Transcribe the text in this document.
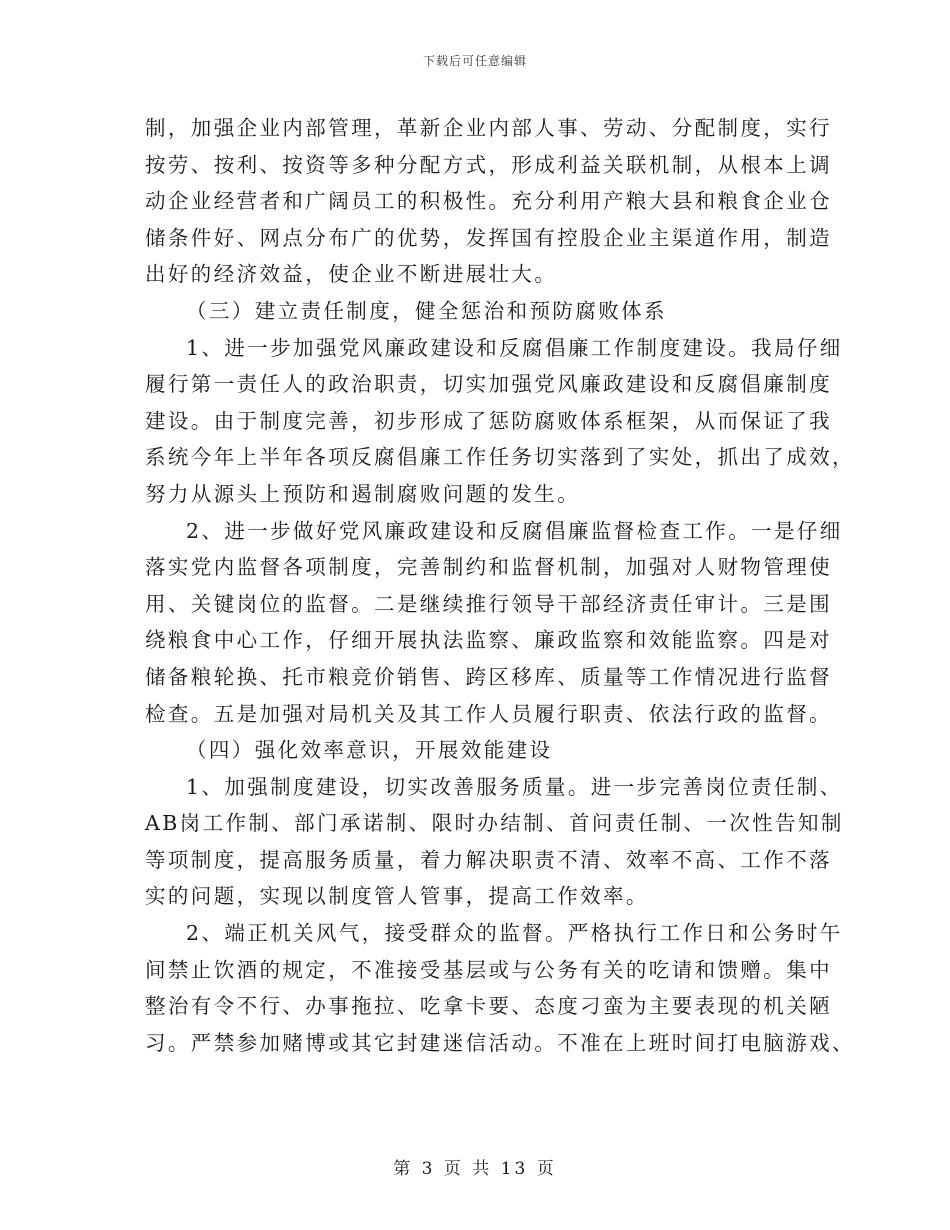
下载后可任意编辑
制，加强企业内部管理，革新企业内部人事、劳动、分配制度，实行
按劳、按利、按资等多种分配方式，形成利益关联机制，从根本上调
动企业经营者和广阔员工的积极性。充分利用产粮大县和粮食企业仓
储条件好、网点分布广的优势，发挥国有控股企业主渠道作用，制造
出好的经济效益，使企业不断进展壮大。
（三）建立责任制度，健全惩治和预防腐败体系
1、进一步加强党风廉政建设和反腐倡廉工作制度建设。我局仔细
履行第一责任人的政治职责，切实加强党风廉政建设和反腐倡廉制度
建设。由于制度完善，初步形成了惩防腐败体系框架，从而保证了我
系统今年上半年各项反腐倡廉工作任务切实落到了实处，抓出了成效，
努力从源头上预防和遏制腐败问题的发生。
2、进一步做好党风廉政建设和反腐倡廉监督检查工作。一是仔细
落实党内监督各项制度，完善制约和监督机制，加强对人财物管理使
用、关键岗位的监督。二是继续推行领导干部经济责任审计。三是围
绕粮食中心工作，仔细开展执法监察、廉政监察和效能监察。四是对
储备粮轮换、托市粮竞价销售、跨区移库、质量等工作情况进行监督
检查。五是加强对局机关及其工作人员履行职责、依法行政的监督。
（四）强化效率意识，开展效能建设
1、加强制度建设，切实改善服务质量。进一步完善岗位责任制、
AB岗工作制、部门承诺制、限时办结制、首问责任制、一次性告知制
等项制度，提高服务质量，着力解决职责不清、效率不高、工作不落
实的问题，实现以制度管人管事，提高工作效率。
2、端正机关风气，接受群众的监督。严格执行工作日和公务时午
间禁止饮酒的规定，不准接受基层或与公务有关的吃请和馈赠。集中
整治有令不行、办事拖拉、吃拿卡要、态度刁蛮为主要表现的机关陋
习。严禁参加赌博或其它封建迷信活动。不准在上班时间打电脑游戏、
第 3 页 共 13 页
